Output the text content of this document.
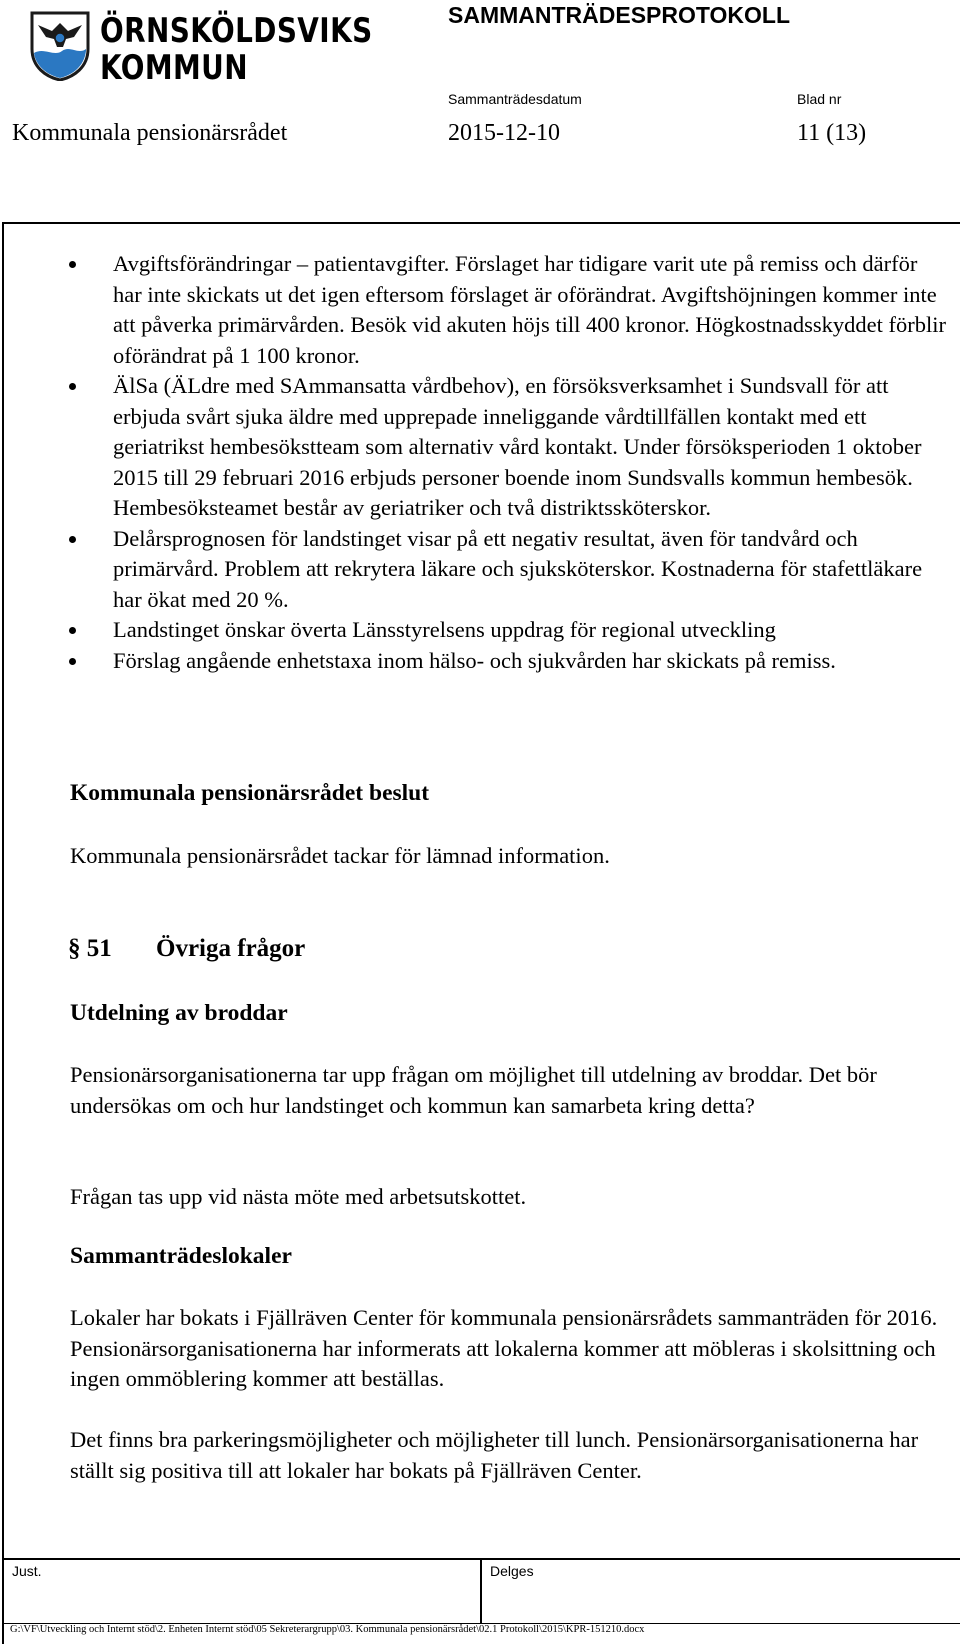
ÖRNSKÖLDSVIKS
KOMMUN
SAMMANTRÄDESPROTOKOLL
Sammanträdesdatum	Blad nr
Kommunala pensionärsrådet	2015-12-10	11 (13)
Avgiftsförändringar – patientavgifter. Förslaget har tidigare varit ute på remiss och därför har inte skickats ut det igen eftersom förslaget är oförändrat. Avgiftshöjningen kommer inte att påverka primärvården. Besök vid akuten höjs till 400 kronor. Högkostnadsskyddet förblir oförändrat på 1 100 kronor.
ÄlSa (ÄLdre med SAmmansatta vårdbehov), en försöksverksamhet i Sundsvall för att erbjuda svårt sjuka äldre med upprepade inneliggande vårdtillfällen kontakt med ett geriatrikst hembesökstteam som alternativ vård kontakt. Under försöksperioden 1 oktober 2015 till 29 februari 2016 erbjuds personer boende inom Sundsvalls kommun hembesök. Hembesöksteamet består av geriatriker och två distriktssköterskor.
Delårsprognosen för landstinget visar på ett negativ resultat, även för tandvård och primärvård. Problem att rekrytera läkare och sjuksköterskor. Kostnaderna för stafettläkare har ökat med 20 %.
Landstinget önskar överta Länsstyrelsens uppdrag för regional utveckling
Förslag angående enhetstaxa inom hälso- och sjukvården har skickats på remiss.
Kommunala pensionärsrådet beslut

Kommunala pensionärsrådet tackar för lämnad information.

§ 51 Övriga frågor
Utdelning av broddar

Pensionärsorganisationerna tar upp frågan om möjlighet till utdelning av broddar. Det bör undersökas om och hur landstinget och kommun kan samarbeta kring detta?

Frågan tas upp vid nästa möte med arbetsutskottet.

Sammanträdeslokaler

Lokaler har bokats i Fjällräven Center för kommunala pensionärsrådets sammanträden för 2016. Pensionärsorganisationerna har informerats att lokalerna kommer att möbleras i skolsittning och ingen ommöblering kommer att beställas.

Det finns bra parkeringsmöjligheter och möjligheter till lunch. Pensionärsorganisationerna har ställt sig positiva till att lokaler har bokats på Fjällräven Center.

Just.	Delges
G:\VF\Utveckling och Internt stöd\2. Enheten Internt stöd\05 Sekreterargrupp\03. Kommunala pensionärsrådet\02.1 Protokoll\2015\KPR-151210.docx
